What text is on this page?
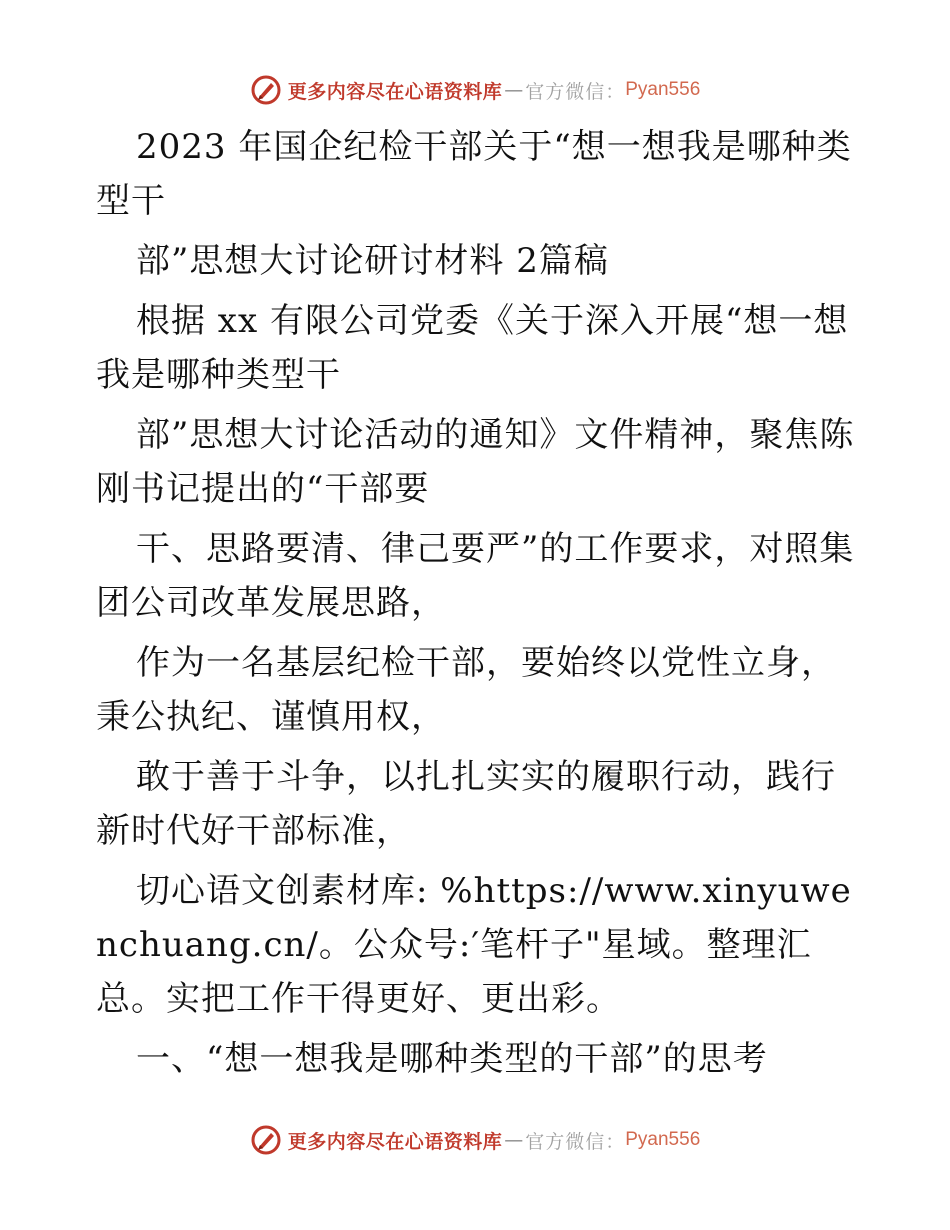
更多内容尽在心语资料库 — 官方微信： Pyan556

2023 年国企纪检干部关于“想一想我是哪种类型干

部”思想大讨论研讨材料 2篇稿

根据 xx 有限公司党委《关于深入开展“想一想我是哪种类型干

部”思想大讨论活动的通知》文件精神，聚焦陈刚书记提出的“干部要

干、思路要清、律己要严”的工作要求，对照集团公司改革发展思路，

作为一名基层纪检干部，要始终以党性立身，秉公执纪、谨慎用权，

敢于善于斗争，以扎扎实实的履职行动，践行新时代好干部标准，

切心语文创素材库: %https://www.xinyuwenchuang.cn/。公众号:′笔杆子"星域。整理汇总。实把工作干得更好、更出彩。

一、“想一想我是哪种类型的干部”的思考

更多内容尽在心语资料库 — 官方微信： Pyan556
